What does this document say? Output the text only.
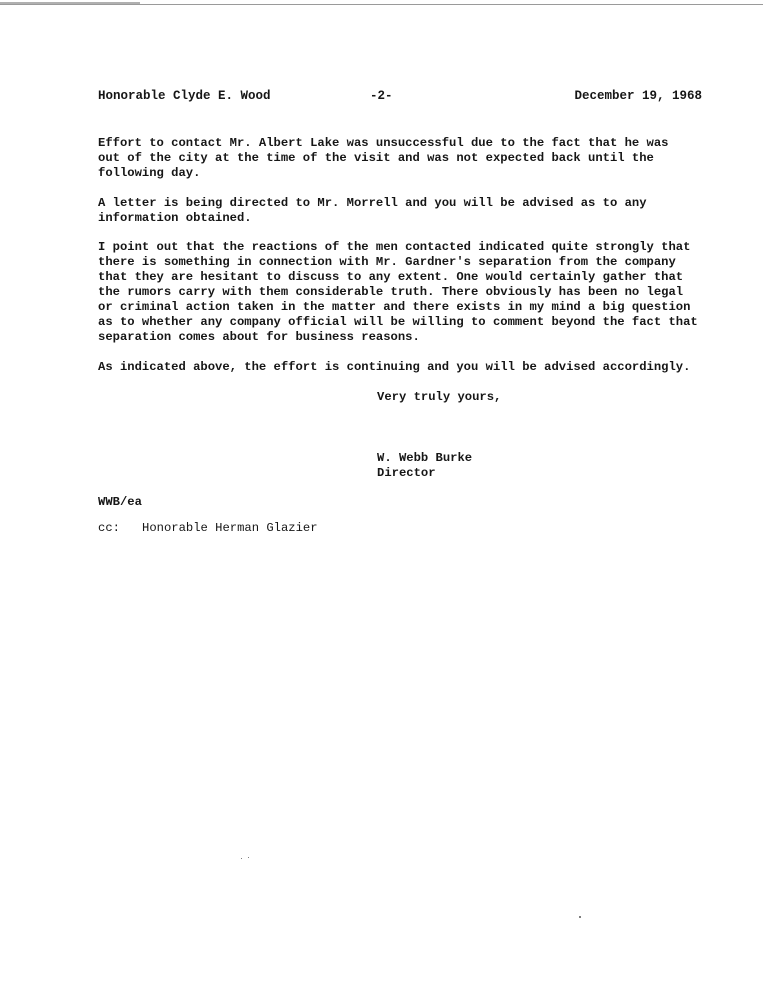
Honorable Clyde E. Wood	-2-	December 19, 1968

Effort to contact Mr. Albert Lake was unsuccessful due to the fact that he was
out of the city at the time of the visit and was not expected back until the
following day.

A letter is being directed to Mr. Morrell and you will be advised as to any
information obtained.

I point out that the reactions of the men contacted indicated quite strongly that
there is something in connection with Mr. Gardner's separation from the company
that they are hesitant to discuss to any extent. One would certainly gather that
the rumors carry with them considerable truth. There obviously has been no legal
or criminal action taken in the matter and there exists in my mind a big question
as to whether any company official will be willing to comment beyond the fact that
separation comes about for business reasons.

As indicated above, the effort is continuing and you will be advised accordingly.

Very truly yours,
W. Webb Burke
Director
WWB/ea
cc: Honorable Herman Glazier
